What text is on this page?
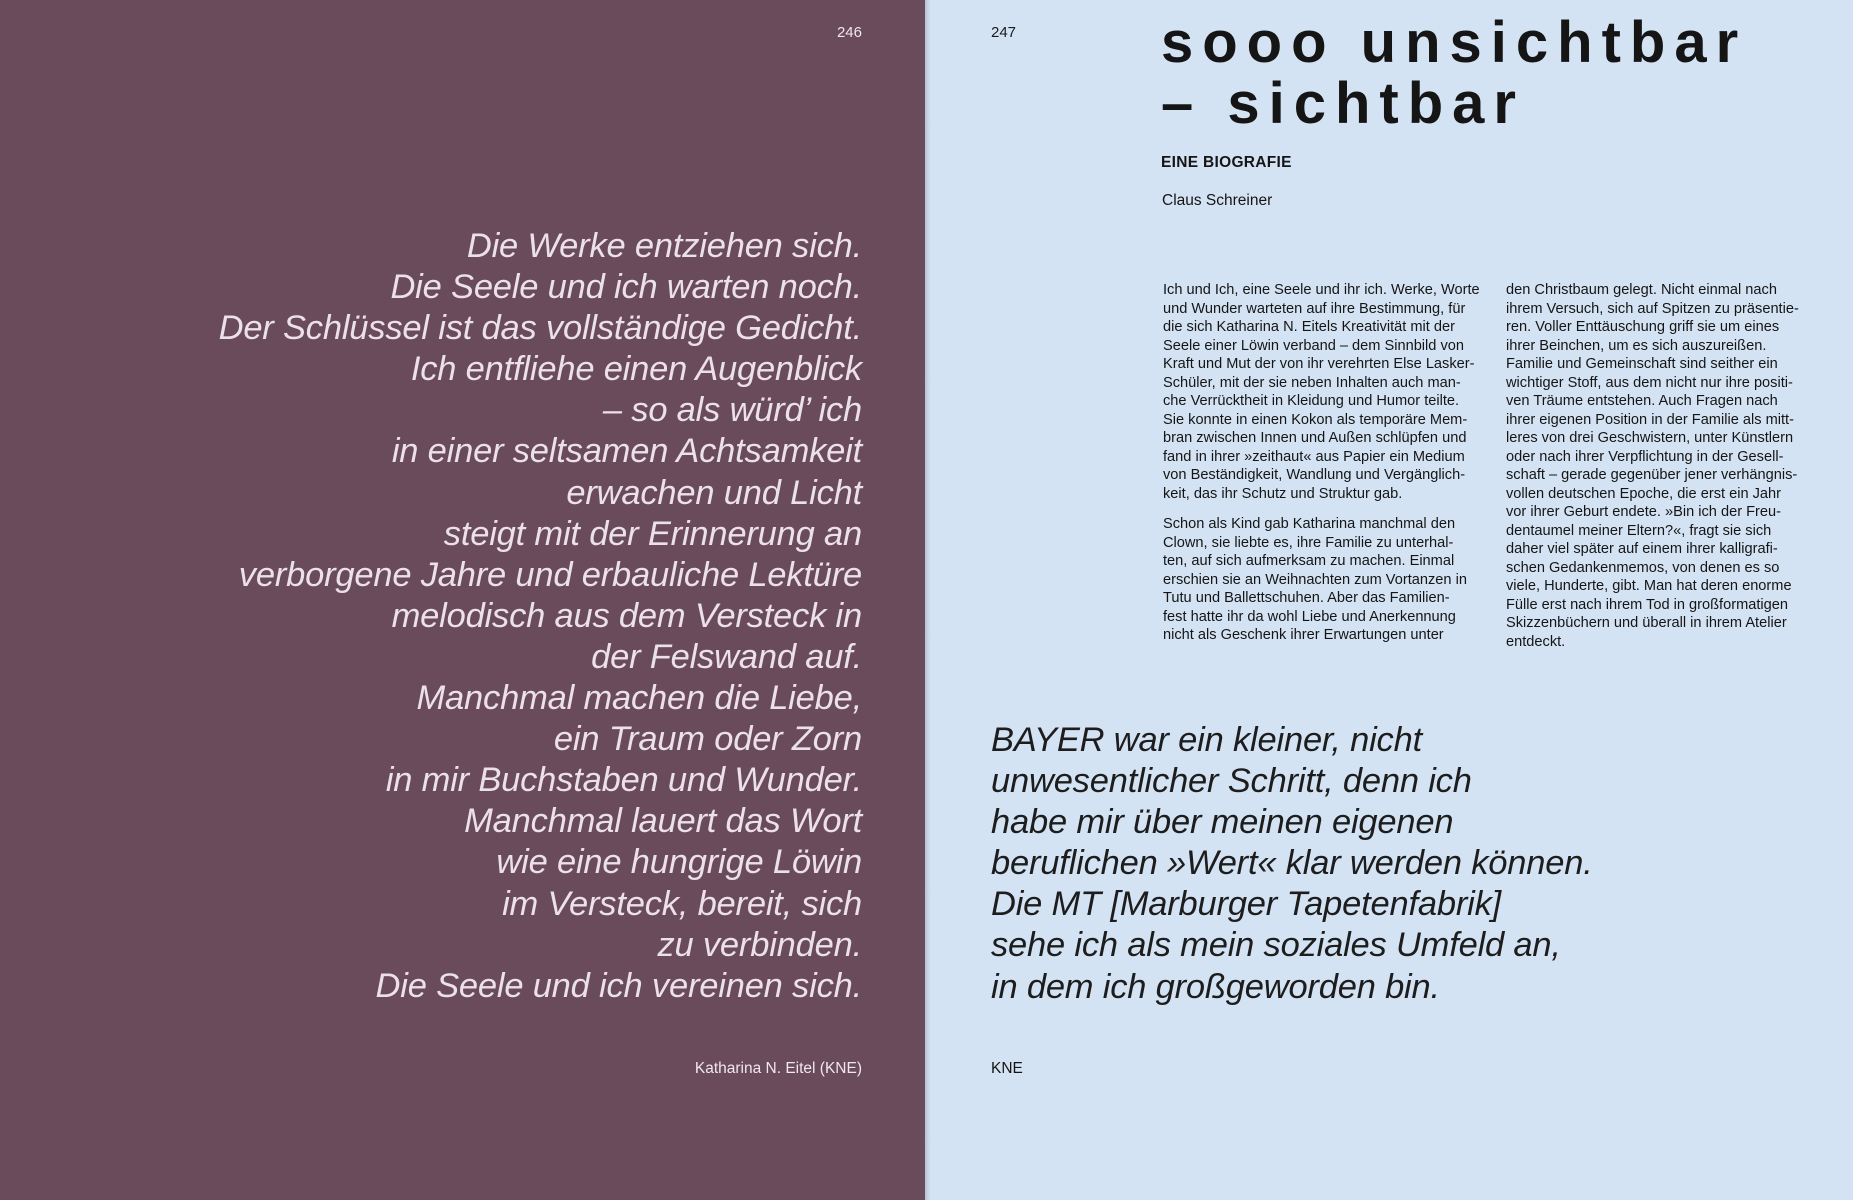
246
Die Werke entziehen sich.
Die Seele und ich warten noch.
Der Schlüssel ist das vollständige Gedicht.
Ich entfliehe einen Augenblick
– so als würd’ ich
in einer seltsamen Achtsamkeit
erwachen und Licht
steigt mit der Erinnerung an
verborgene Jahre und erbauliche Lektüre
melodisch aus dem Versteck in
der Felswand auf.
Manchmal machen die Liebe,
ein Traum oder Zorn
in mir Buchstaben und Wunder.
Manchmal lauert das Wort
wie eine hungrige Löwin
im Versteck, bereit, sich
zu verbinden.
Die Seele und ich vereinen sich.
Katharina N. Eitel (KNE)
247 sooo unsichtbar
– sichtbar
EINE BIOGRAFIE
Claus Schreiner

Ich und Ich, eine Seele und ihr ich. Werke, Worte
und Wunder warteten auf ihre Bestimmung, für
die sich Katharina N. Eitels Kreativität mit der
Seele einer Löwin verband – dem Sinnbild von
Kraft und Mut der von ihr verehrten Else Lasker-
Schüler, mit der sie neben Inhalten auch man-
che Verrücktheit in Kleidung und Humor teilte.
Sie konnte in einen Kokon als temporäre Mem-
bran zwischen Innen und Außen schlüpfen und
fand in ihrer »zeithaut« aus Papier ein Medium
von Beständigkeit, Wandlung und Vergänglich-
keit, das ihr Schutz und Struktur gab.

Schon als Kind gab Katharina manchmal den
Clown, sie liebte es, ihre Familie zu unterhal-
ten, auf sich aufmerksam zu machen. Einmal
erschien sie an Weihnachten zum Vortanzen in
Tutu und Ballettschuhen. Aber das Familien-
fest hatte ihr da wohl Liebe und Anerkennung
nicht als Geschenk ihrer Erwartungen unter

den Christbaum gelegt. Nicht einmal nach
ihrem Versuch, sich auf Spitzen zu präsentie-
ren. Voller Enttäuschung griff sie um eines
ihrer Beinchen, um es sich auszureißen.
Familie und Gemeinschaft sind seither ein
wichtiger Stoff, aus dem nicht nur ihre positi-
ven Träume entstehen. Auch Fragen nach
ihrer eigenen Position in der Familie als mitt-
leres von drei Geschwistern, unter Künstlern
oder nach ihrer Verpflichtung in der Gesell-
schaft – gerade gegenüber jener verhängnis-
vollen deutschen Epoche, die erst ein Jahr
vor ihrer Geburt endete. »Bin ich der Freu-
dentaumel meiner Eltern?«, fragt sie sich
daher viel später auf einem ihrer kalligrafi-
schen Gedankenmemos, von denen es so
viele, Hunderte, gibt. Man hat deren enorme
Fülle erst nach ihrem Tod in großformatigen
Skizzenbüchern und überall in ihrem Atelier
entdeckt.

BAYER war ein kleiner, nicht
unwesentlicher Schritt, denn ich
habe mir über meinen eigenen
beruflichen »Wert« klar werden können.
Die MT [Marburger Tapetenfabrik]
sehe ich als mein soziales Umfeld an,
in dem ich großgeworden bin.
KNE
